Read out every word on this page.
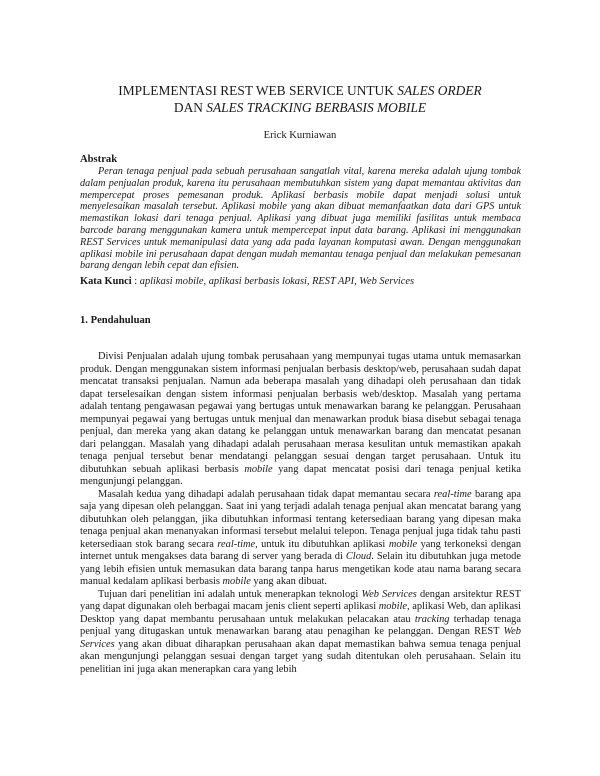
IMPLEMENTASI REST WEB SERVICE UNTUK SALES ORDER
DAN SALES TRACKING BERBASIS MOBILE
Erick Kurniawan
Abstrak

Peran tenaga penjual pada sebuah perusahaan sangatlah vital, karena mereka adalah ujung tombak dalam penjualan produk, karena itu perusahaan membutuhkan sistem yang dapat memantau aktivitas dan mempercepat proses pemesanan produk. Aplikasi berbasis mobile dapat menjadi solusi untuk menyelesaikan masalah tersebut. Aplikasi mobile yang akan dibuat memanfaatkan data dari GPS untuk memastikan lokasi dari tenaga penjual. Aplikasi yang dibuat juga memiliki fasilitas untuk membaca barcode barang menggunakan kamera untuk mempercepat input data barang. Aplikasi ini menggunakan REST Services untuk memanipulasi data yang ada pada layanan komputasi awan. Dengan menggunakan aplikasi mobile ini perusahaan dapat dengan mudah memantau tenaga penjual dan melakukan pemesanan barang dengan lebih cepat dan efisien.

Kata Kunci : aplikasi mobile, aplikasi berbasis lokasi, REST API, Web Services
1. Pendahuluan

Divisi Penjualan adalah ujung tombak perusahaan yang mempunyai tugas utama untuk memasarkan produk. Dengan menggunakan sistem informasi penjualan berbasis desktop/web, perusahaan sudah dapat mencatat transaksi penjualan. Namun ada beberapa masalah yang dihadapi oleh perusahaan dan tidak dapat terselesaikan dengan sistem informasi penjualan berbasis web/desktop. Masalah yang pertama adalah tentang pengawasan pegawai yang bertugas untuk menawarkan barang ke pelanggan. Perusahaan mempunyai pegawai yang bertugas untuk menjual dan menawarkan produk biasa disebut sebagai tenaga penjual, dan mereka yang akan datang ke pelanggan untuk menawarkan barang dan mencatat pesanan dari pelanggan. Masalah yang dihadapi adalah perusahaan merasa kesulitan untuk memastikan apakah tenaga penjual tersebut benar mendatangi pelanggan sesuai dengan target perusahaan. Untuk itu dibutuhkan sebuah aplikasi berbasis mobile yang dapat mencatat posisi dari tenaga penjual ketika mengunjungi pelanggan.

Masalah kedua yang dihadapi adalah perusahaan tidak dapat memantau secara real-time barang apa saja yang dipesan oleh pelanggan. Saat ini yang terjadi adalah tenaga penjual akan mencatat barang yang dibutuhkan oleh pelanggan, jika dibutuhkan informasi tentang ketersediaan barang yang dipesan maka tenaga penjual akan menanyakan informasi tersebut melalui telepon. Tenaga penjual juga tidak tahu pasti ketersediaan stok barang secara real-time, untuk itu dibutuhkan aplikasi mobile yang terkoneksi dengan internet untuk mengakses data barang di server yang berada di Cloud. Selain itu dibutuhkan juga metode yang lebih efisien untuk memasukan data barang tanpa harus mengetikan kode atau nama barang secara manual kedalam aplikasi berbasis mobile yang akan dibuat.

Tujuan dari penelitian ini adalah untuk menerapkan teknologi Web Services dengan arsitektur REST yang dapat digunakan oleh berbagai macam jenis client seperti aplikasi mobile, aplikasi Web, dan aplikasi Desktop yang dapat membantu perusahaan untuk melakukan pelacakan atau tracking terhadap tenaga penjual yang ditugaskan untuk menawarkan barang atau penagihan ke pelanggan. Dengan REST Web Services yang akan dibuat diharapkan perusahaan akan dapat memastikan bahwa semua tenaga penjual akan mengunjungi pelanggan sesuai dengan target yang sudah ditentukan oleh perusahaan. Selain itu penelitian ini juga akan menerapkan cara yang lebih
